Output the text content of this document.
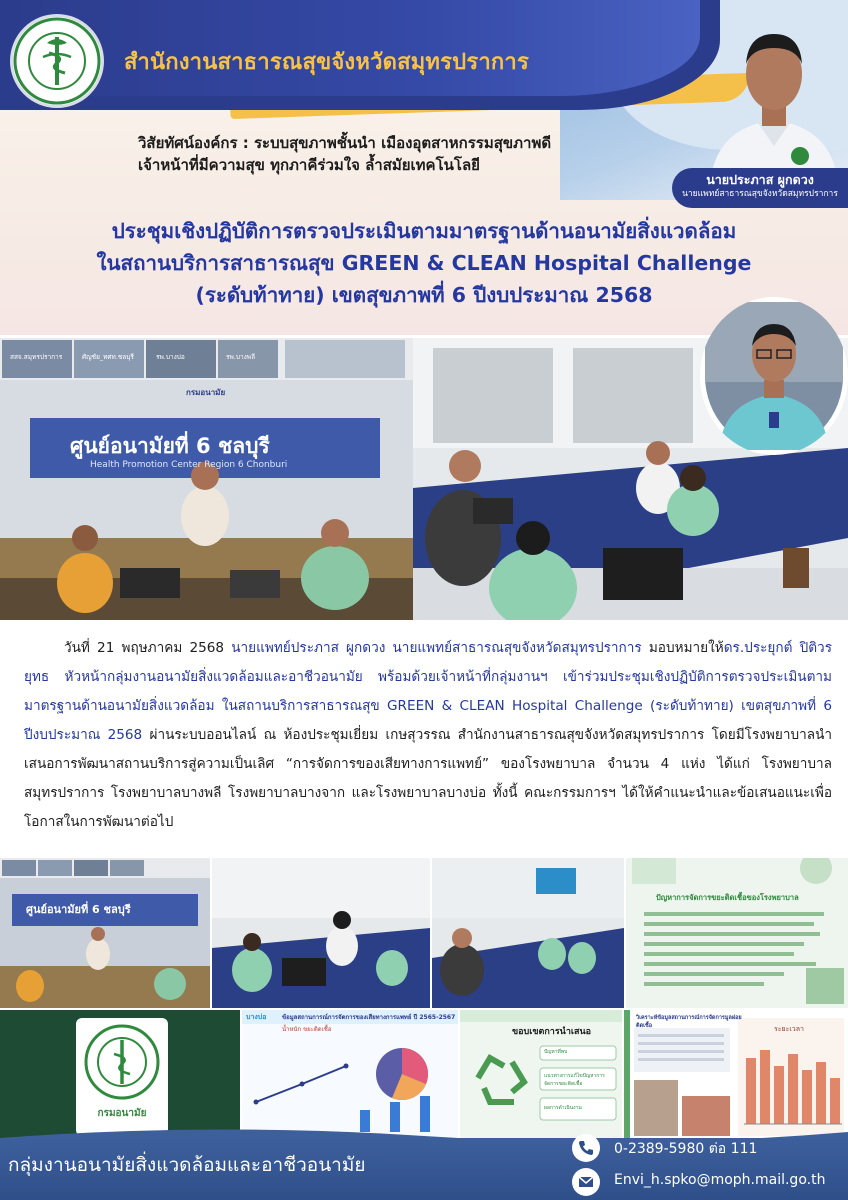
สำนักงานสาธารณสุขจังหวัดสมุทรปราการ
วิสัยทัศน์องค์กร : ระบบสุขภาพชั้นนำ เมืองอุตสาหกรรมสุขภาพดี
เจ้าหน้าที่มีความสุข ทุกภาคีร่วมใจ ล้ำสมัยเทคโนโลยี
นายประภาส ผูกดวง
นายแพทย์สาธารณสุขจังหวัดสมุทรปราการ
ประชุมเชิงปฏิบัติการตรวจประเมินตามมาตรฐานด้านอนามัยสิ่งแวดล้อม
ในสถานบริการสาธารณสุข GREEN & CLEAN Hospital Challenge
(ระดับท้าทาย) เขตสุขภาพที่ 6 ปีงบประมาณ 2568
สสจ.สมุทรปราการ	ศัญชัย_ทศท.ชลบุรี	รพ.บางบ่อ	รพ.บางพลี
กรมอนามัย
ศูนย์อนามัยที่ 6 ชลบุรี
Health Promotion Center Region 6 Chonburi
วันที่ 21 พฤษภาคม 2568 นายแพทย์ประภาส ผูกดวง นายแพทย์สาธารณสุขจังหวัดสมุทรปราการ มอบหมายให้ดร.ประยุกต์ ปิติวรยุทธ หัวหน้ากลุ่มงานอนามัยสิ่งแวดล้อมและอาชีวอนามัย พร้อมด้วยเจ้าหน้าที่กลุ่มงานฯ เข้าร่วมประชุมเชิงปฏิบัติการตรวจประเมินตามมาตรฐานด้านอนามัยสิ่งแวดล้อม ในสถานบริการสาธารณสุข GREEN & CLEAN Hospital Challenge (ระดับท้าทาย) เขตสุขภาพที่ 6 ปีงบประมาณ 2568 ผ่านระบบออนไลน์ ณ ห้องประชุมเยี่ยม เกษสุวรรณ สำนักงานสาธารณสุขจังหวัดสมุทรปราการ โดยมีโรงพยาบาลนำเสนอการพัฒนาสถานบริการสู่ความเป็นเลิศ “การจัดการของเสียทางการแพทย์” ของโรงพยาบาล จำนวน 4 แห่ง ได้แก่ โรงพยาบาลสมุทรปราการ โรงพยาบาลบางพลี โรงพยาบาลบางจาก และโรงพยาบาลบางบ่อ ทั้งนี้ คณะกรรมการฯ ได้ให้คำแนะนำและข้อเสนอแนะเพื่อโอกาสในการพัฒนาต่อไป
ศูนย์อนามัยที่ 6 ชลบุรี
ปัญหาการจัดการขยะติดเชื้อของโรงพยาบาล
กรมอนามัย
ข้อมูลสถานการณ์การจัดการของเสียทางการแพทย์ ปี 2565-2567
น้ำหนัก ขยะติดเชื้อ
บางบ่อ
ขอบเขตการนำเสนอ
ปัญหาที่พบ
แนวทางการแก้ไขปัญหาการจัดการขยะติดเชื้อ
ผลการดำเนินงาน
วิเคราะห์ข้อมูลสถานการณ์การจัดการมูลฝอยติดเชื้อ	ระยะเวลา
กลุ่มงานอนามัยสิ่งแวดล้อมและอาชีวอนามัย
0-2389-5980 ต่อ 111
Envi_h.spko@moph.mail.go.th
